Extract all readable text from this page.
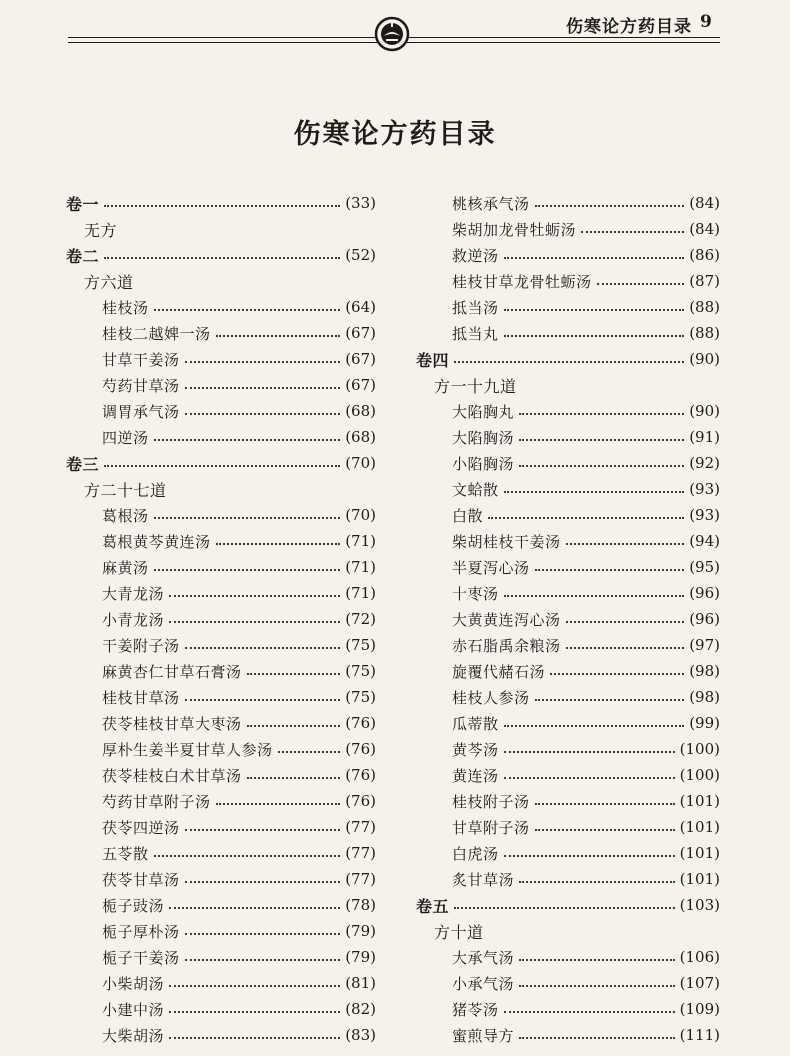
伤寒论方药目录 9
伤寒论方药目录
卷一	(33)
无方
卷二	(52)
方六道
桂枝汤	(64)
桂枝二越婢一汤	(67)
甘草干姜汤	(67)
芍药甘草汤	(67)
调胃承气汤	(68)
四逆汤	(68)
卷三	(70)
方二十七道
葛根汤	(70)
葛根黄芩黄连汤	(71)
麻黄汤	(71)
大青龙汤	(71)
小青龙汤	(72)
干姜附子汤	(75)
麻黄杏仁甘草石膏汤	(75)
桂枝甘草汤	(75)
茯苓桂枝甘草大枣汤	(76)
厚朴生姜半夏甘草人参汤	(76)
茯苓桂枝白术甘草汤	(76)
芍药甘草附子汤	(76)
茯苓四逆汤	(77)
五苓散	(77)
茯苓甘草汤	(77)
栀子豉汤	(78)
栀子厚朴汤	(79)
栀子干姜汤	(79)
小柴胡汤	(81)
小建中汤	(82)
大柴胡汤	(83)
桃核承气汤	(84)
柴胡加龙骨牡蛎汤	(84)
救逆汤	(86)
桂枝甘草龙骨牡蛎汤	(87)
抵当汤	(88)
抵当丸	(88)
卷四	(90)
方一十九道
大陷胸丸	(90)
大陷胸汤	(91)
小陷胸汤	(92)
文蛤散	(93)
白散	(93)
柴胡桂枝干姜汤	(94)
半夏泻心汤	(95)
十枣汤	(96)
大黄黄连泻心汤	(96)
赤石脂禹余粮汤	(97)
旋覆代赭石汤	(98)
桂枝人参汤	(98)
瓜蒂散	(99)
黄芩汤	(100)
黄连汤	(100)
桂枝附子汤	(101)
甘草附子汤	(101)
白虎汤	(101)
炙甘草汤	(101)
卷五	(103)
方十道
大承气汤	(106)
小承气汤	(107)
猪苓汤	(109)
蜜煎导方	(111)
